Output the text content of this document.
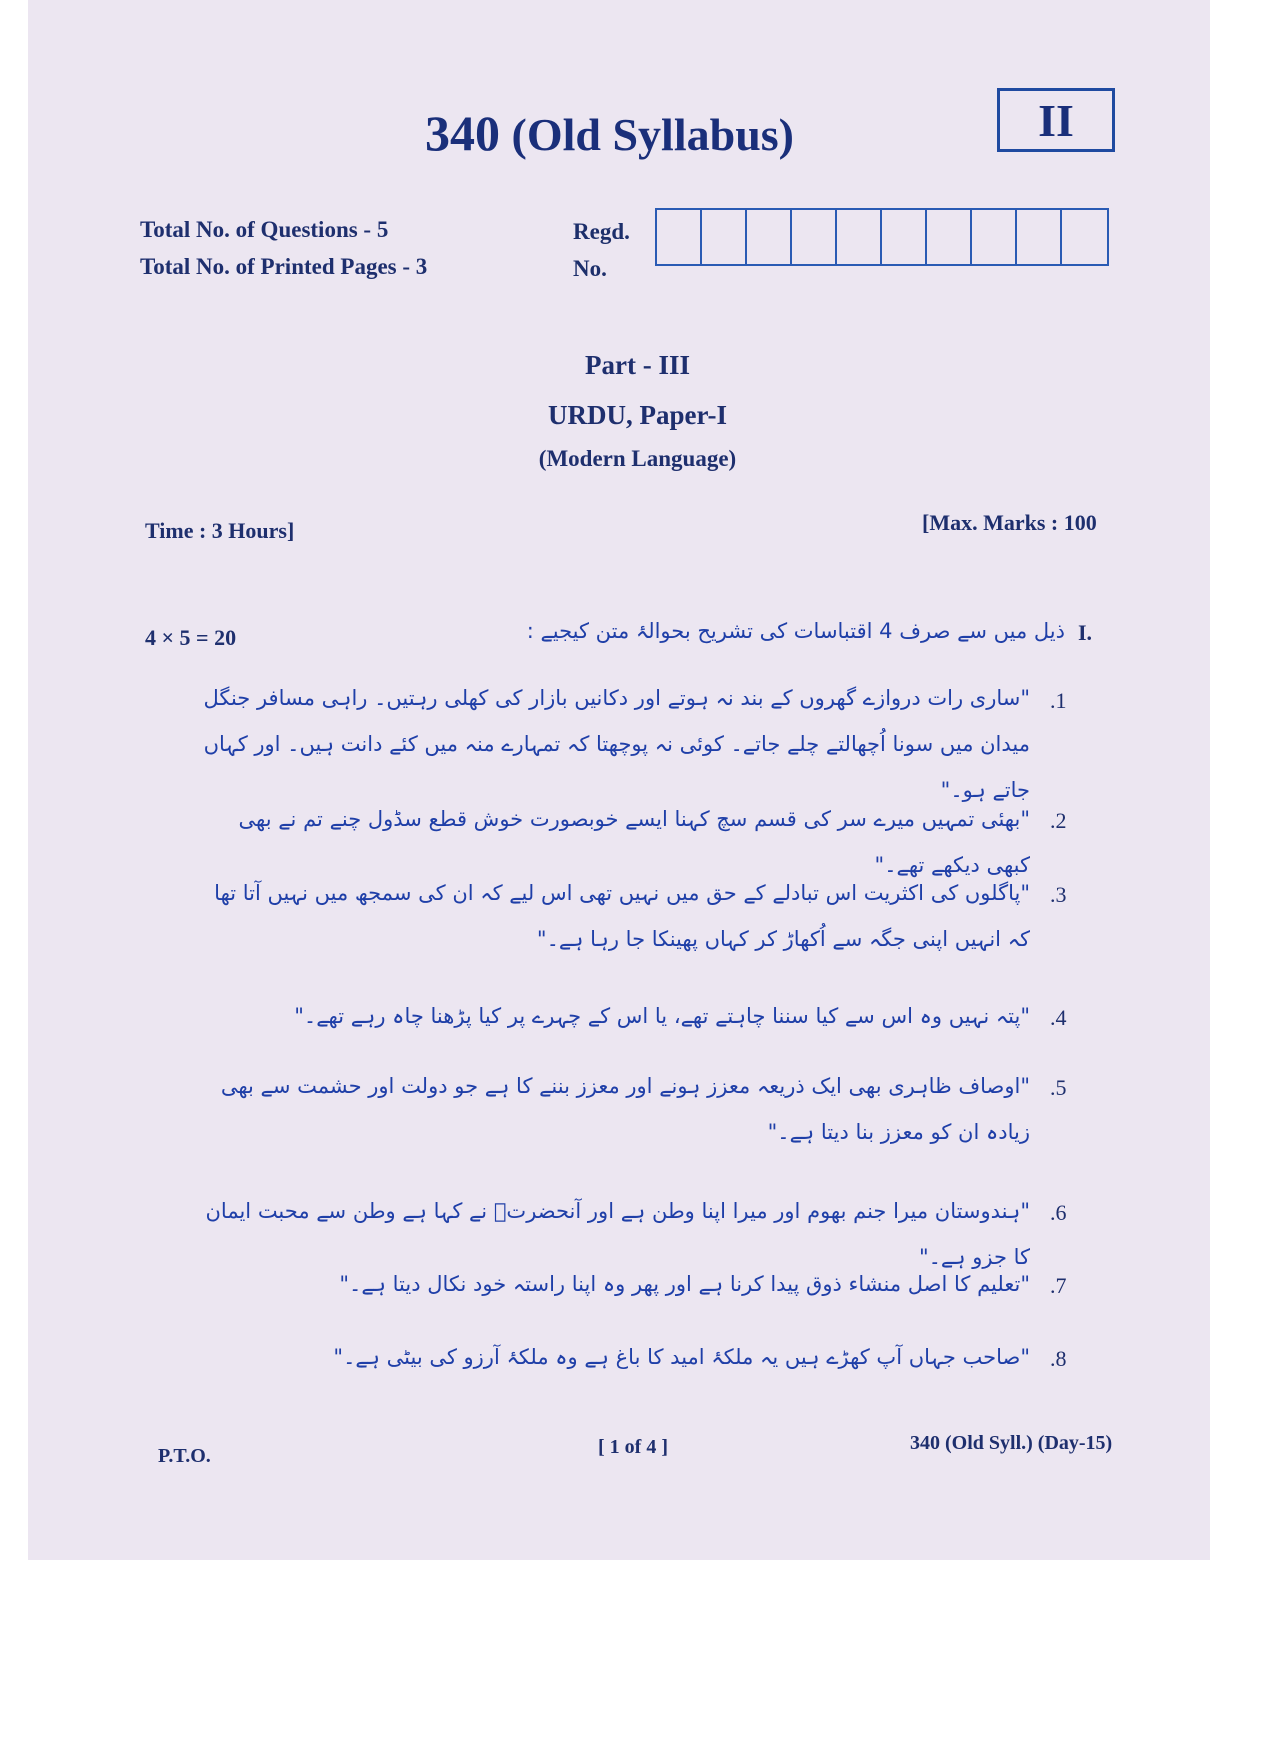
340 (Old Syllabus)	II
Total No. of Questions - 5
Total No. of Printed Pages - 3
Regd.
No.
Part - III
URDU, Paper-I
(Modern Language)
Time : 3 Hours]	[Max. Marks : 100
4 × 5 = 20	ذیل میں سے صرف 4 اقتباسات کی تشریح بحوالۂ متن کیجیے : I.
.1
"ساری رات دروازے گھروں کے بند نہ ہوتے اور دکانیں بازار کی کھلی رہتیں۔ راہی مسافر جنگل میدان میں سونا اُچھالتے چلے جاتے۔ کوئی نہ پوچھتا کہ تمہارے منہ میں کئے دانت ہیں۔ اور کہاں جاتے ہو۔"
.2
"بھئی تمہیں میرے سر کی قسم سچ کہنا ایسے خوبصورت خوش قطع سڈول چنے تم نے بھی کبھی دیکھے تھے۔"
.3
"پاگلوں کی اکثریت اس تبادلے کے حق میں نہیں تھی اس لیے کہ ان کی سمجھ میں نہیں آتا تھا کہ انہیں اپنی جگہ سے اُکھاڑ کر کہاں پھینکا جا رہا ہے۔"
.4
"پتہ نہیں وہ اس سے کیا سننا چاہتے تھے، یا اس کے چہرے پر کیا پڑھنا چاہ رہے تھے۔"
.5
"اوصاف ظاہری بھی ایک ذریعہ معزز ہونے اور معزز بننے کا ہے جو دولت اور حشمت سے بھی زیادہ ان کو معزز بنا دیتا ہے۔"
.6
"ہندوستان میرا جنم بھوم اور میرا اپنا وطن ہے اور آنحضرتؐ نے کہا ہے وطن سے محبت ایمان کا جزو ہے۔"
.7
"تعلیم کا اصل منشاء ذوق پیدا کرنا ہے اور پھر وہ اپنا راستہ خود نکال دیتا ہے۔"
.8
"صاحب جہاں آپ کھڑے ہیں یہ ملکۂ امید کا باغ ہے وہ ملکۂ آرزو کی بیٹی ہے۔"
P.T.O.	[ 1 of 4 ]	340 (Old Syll.) (Day-15)
